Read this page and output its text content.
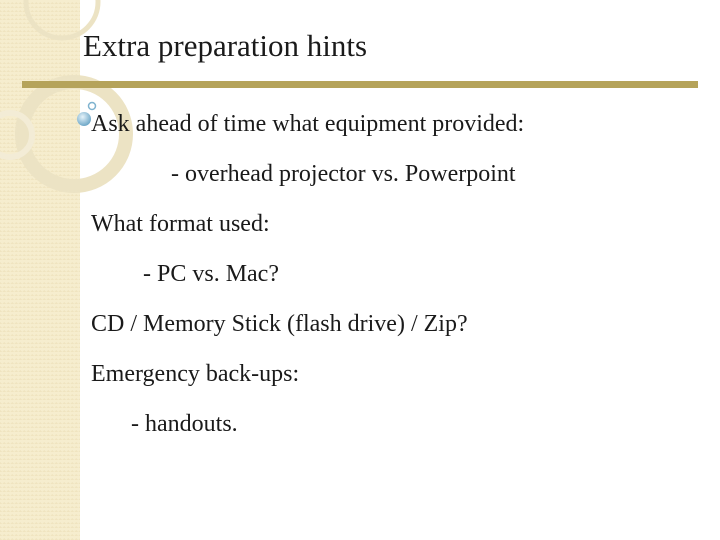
Extra preparation hints
Ask ahead of time what equipment provided:
- overhead projector vs. Powerpoint
What format used:
- PC vs. Mac?
CD / Memory Stick (flash drive) / Zip?
Emergency back-ups:
- handouts.
